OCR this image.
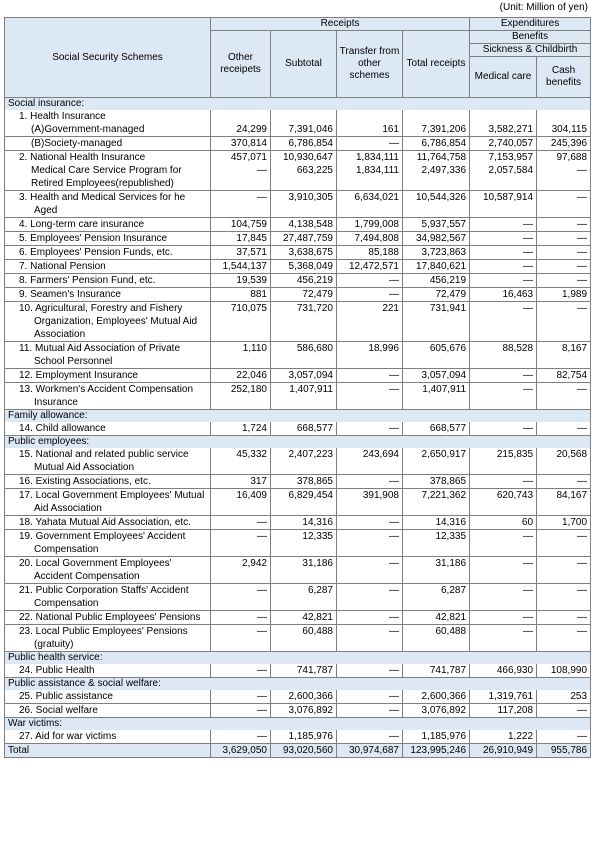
(Unit: Million of yen)
Social Security Schemes	Receipts				Expenditures	
	Other receipets	Subtotal	Transfer from other schemes	Total receipts	Benefits	
					Sickness & Childbirth	
					Medical care	Cash benefits
Social insurance:						

1. Health Insurance						

(A)Government-managed	24,299	7,391,046	161	7,391,206	3,582,271	304,115

(B)Society-managed	370,814	6,786,854	—	6,786,854	2,740,057	245,396

2. National Health Insurance	457,071	10,930,647	1,834,111	11,764,758	7,153,957	97,688

Medical Care Service Program for Retired Employees(republished)	—	663,225	1,834,111	2,497,336	2,057,584	—

3. Health and Medical Services for he Aged	—	3,910,305	6,634,021	10,544,326	10,587,914	—

4. Long-term care insurance	104,759	4,138,548	1,799,008	5,937,557	—	—

5. Employees' Pension Insurance	17,845	27,487,759	7,494,808	34,982,567	—	—

6. Employees' Pension Funds, etc.	37,571	3,638,675	85,188	3,723,863	—	—

7. National Pension	1,544,137	5,368,049	12,472,571	17,840,621	—	—

8. Farmers' Pension Fund, etc.	19,539	456,219	—	456,219	—	—

9. Seamen's Insurance	881	72,479	—	72,479	16,463	1,989

10. Agricultural, Forestry and Fishery Organization, Employees' Mutual Aid Association	710,075	731,720	221	731,941	—	—

11. Mutual Aid Association of Private School Personnel	1,110	586,680	18,996	605,676	88,528	8,167

12. Employment Insurance	22,046	3,057,094	—	3,057,094	—	82,754

13. Workmen's Accident Compensation Insurance	252,180	1,407,911	—	1,407,911	—	—
Family allowance:						

14. Child allowance	1,724	668,577	—	668,577	—	—
Public employees:						

15. National and related public service Mutual Aid Association	45,332	2,407,223	243,694	2,650,917	215,835	20,568

16. Existing Associations, etc.	317	378,865	—	378,865	—	—

17. Local Government Employees' Mutual Aid Association	16,409	6,829,454	391,908	7,221,362	620,743	84,167

18. Yahata Mutual Aid Association, etc.	—	14,316	—	14,316	60	1,700

19. Government Employees' Accident Compensation	—	12,335	—	12,335	—	—

20. Local Government Employees' Accident Compensation	2,942	31,186	—	31,186	—	—

21. Public Corporation Staffs' Accident Compensation	—	6,287	—	6,287	—	—

22. National Public Employees' Pensions	—	42,821	—	42,821	—	—

23. Local Public Employees' Pensions (gratuity)	—	60,488	—	60,488	—	—
Public health service:						

24. Public Health	—	741,787	—	741,787	466,930	108,990
Public assistance & social welfare:						

25. Public assistance	—	2,600,366	—	2,600,366	1,319,761	253

26. Social welfare	—	3,076,892	—	3,076,892	117,208	—
War victims:						

27. Aid for war victims	—	1,185,976	—	1,185,976	1,222	—
Total	3,629,050	93,020,560	30,974,687	123,995,246	26,910,949	955,786
